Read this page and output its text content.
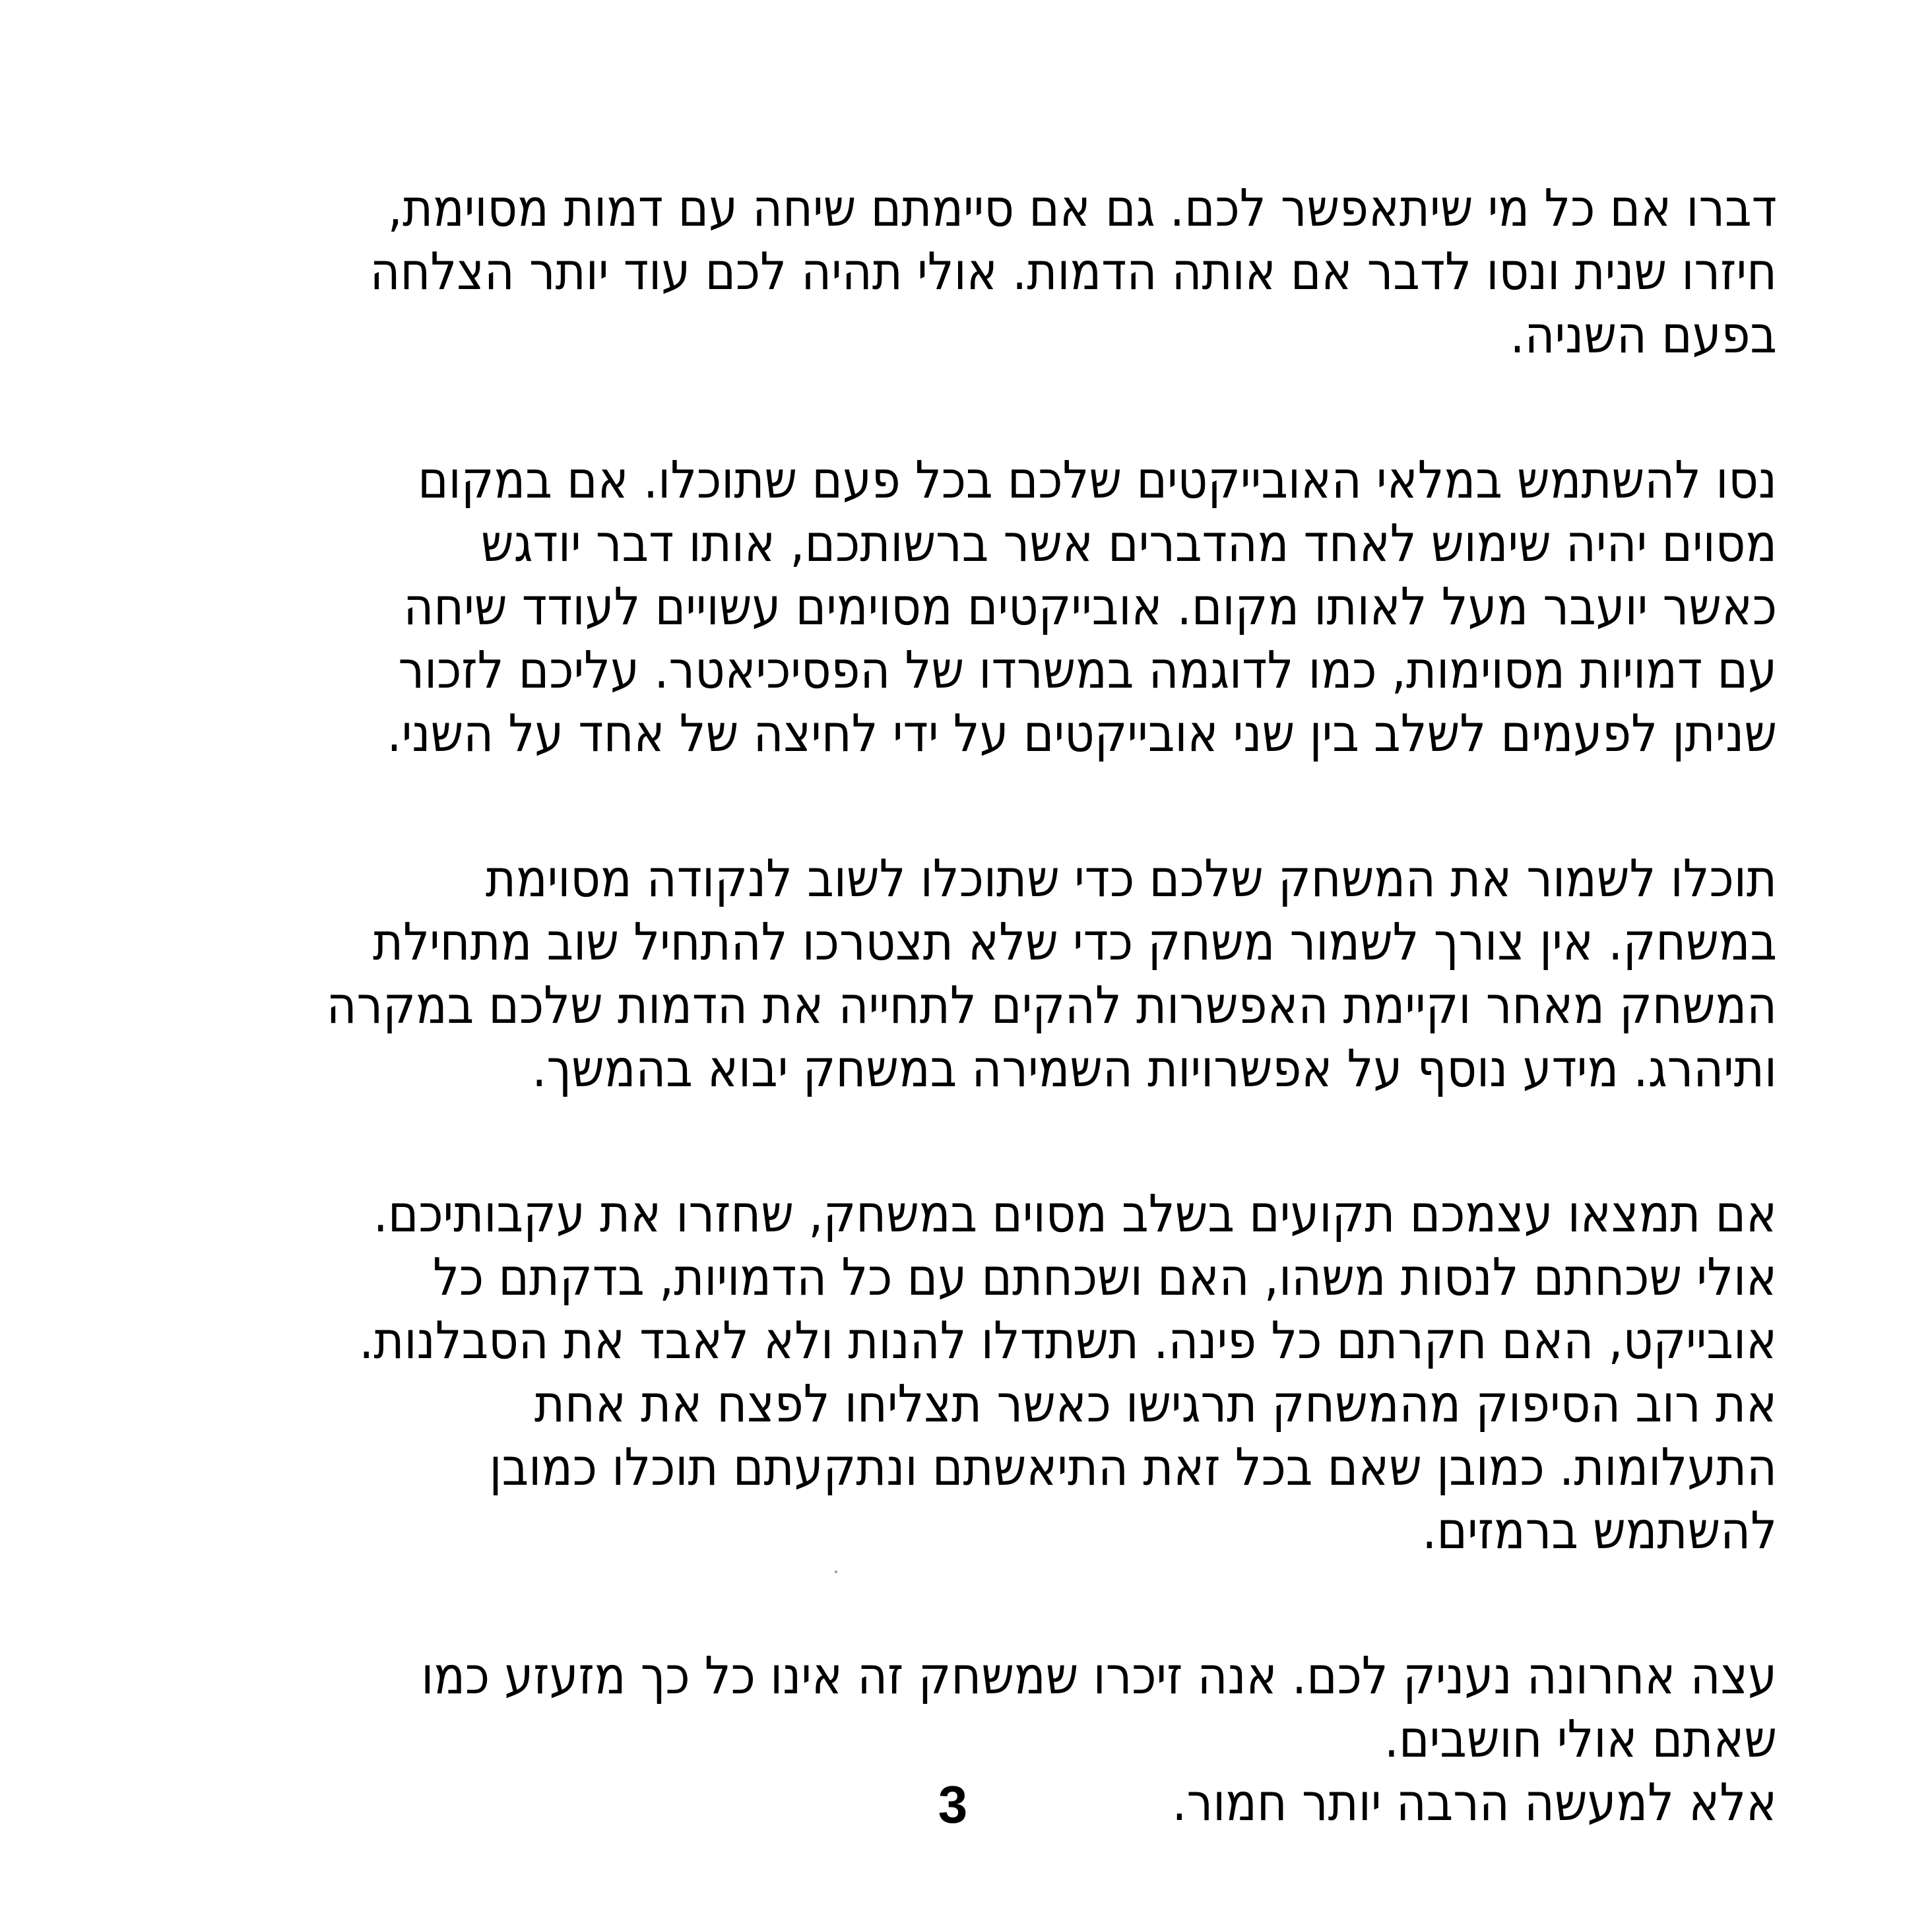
דברו אם כל מי שיתאפשר לכם. גם אם סיימתם שיחה עם דמות מסוימת,
חיזרו שנית ונסו לדבר אם אותה הדמות. אולי תהיה לכם עוד יותר הצלחה
בפעם השניה.
נסו להשתמש במלאי האובייקטים שלכם בכל פעם שתוכלו. אם במקום
מסוים יהיה שימוש לאחד מהדברים אשר ברשותכם, אותו דבר יודגש
כאשר יועבר מעל לאותו מקום. אובייקטים מסוימים עשויים לעודד שיחה
עם דמויות מסוימות, כמו לדוגמה במשרדו של הפסיכיאטר. עליכם לזכור
שניתן לפעמים לשלב בין שני אובייקטים על ידי לחיצה של אחד על השני.
תוכלו לשמור את המשחק שלכם כדי שתוכלו לשוב לנקודה מסוימת
במשחק. אין צורך לשמור משחק כדי שלא תצטרכו להתחיל שוב מתחילת
המשחק מאחר וקיימת האפשרות להקים לתחייה את הדמות שלכם במקרה
ותיהרג. מידע נוסף על אפשרויות השמירה במשחק יבוא בהמשך.
אם תמצאו עצמכם תקועים בשלב מסוים במשחק, שחזרו את עקבותיכם.
אולי שכחתם לנסות משהו, האם ושכחתם עם כל הדמויות, בדקתם כל
אובייקט, האם חקרתם כל פינה. תשתדלו להנות ולא לאבד את הסבלנות.
את רוב הסיפוק מהמשחק תרגישו כאשר תצליחו לפצח את אחת
התעלומות. כמובן שאם בכל זאת התיאשתם ונתקעתם תוכלו כמובן
להשתמש ברמזים.
עצה אחרונה נעניק לכם. אנה זיכרו שמשחק זה אינו כל כך מזעזע כמו
שאתם אולי חושבים.
אלא למעשה הרבה יותר חמור.
3
